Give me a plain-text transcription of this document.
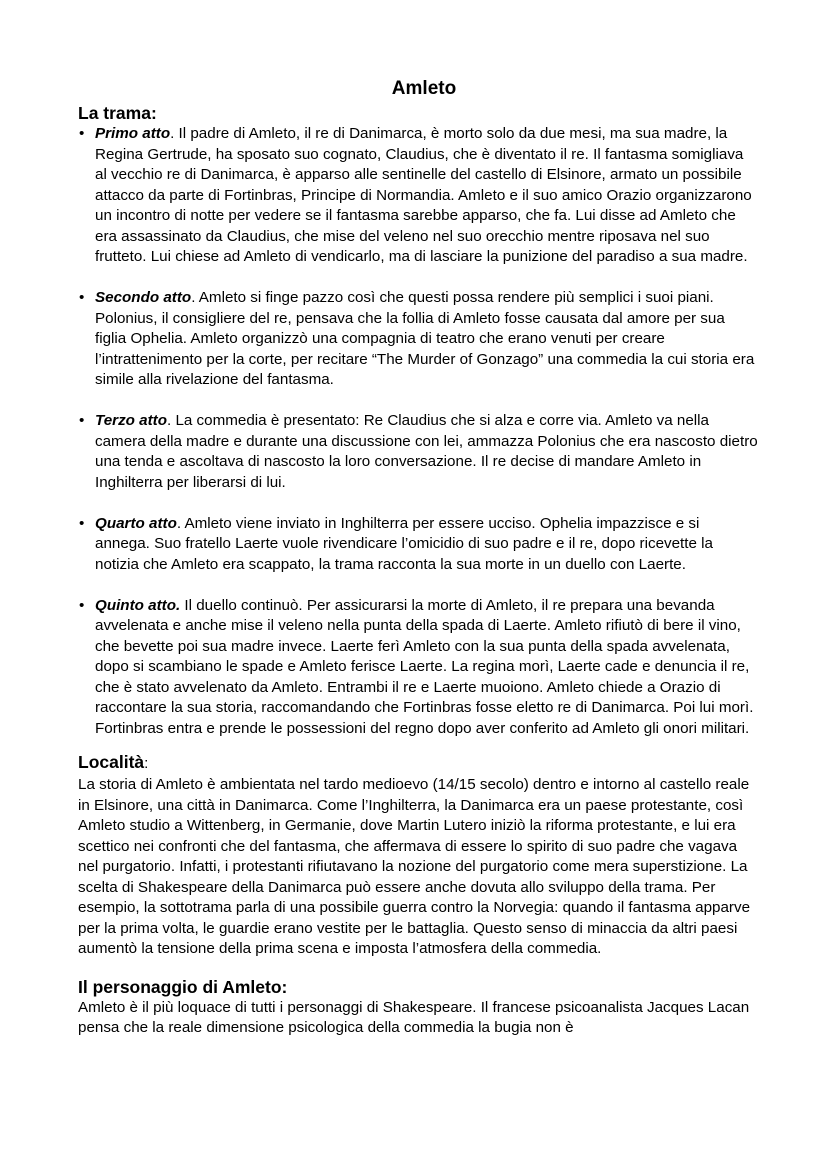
Amleto
La trama:
• Primo atto. Il padre di Amleto, il re di Danimarca, è morto solo da due mesi, ma sua madre, la Regina Gertrude, ha sposato suo cognato, Claudius, che è diventato il re. Il fantasma somigliava al vecchio re di Danimarca, è apparso alle sentinelle del castello di Elsinore, armato un possibile attacco da parte di Fortinbras, Principe di Normandia. Amleto e il suo amico Orazio organizzarono un incontro di notte per vedere se il fantasma sarebbe apparso, che fa. Lui disse ad Amleto che era assassinato da Claudius, che mise del veleno nel suo orecchio mentre riposava nel suo frutteto. Lui chiese ad Amleto di vendicarlo, ma di lasciare la punizione del paradiso a sua madre.
• Secondo atto. Amleto si finge pazzo così che questi possa rendere più semplici i suoi piani. Polonius, il consigliere del re, pensava che la follia di Amleto fosse causata dal amore per sua figlia Ophelia. Amleto organizzò una compagnia di teatro che erano venuti per creare l’intrattenimento per la corte, per recitare “The Murder of Gonzago” una commedia la cui storia era simile alla rivelazione del fantasma.
• Terzo atto. La commedia è presentato: Re Claudius che si alza e corre via. Amleto va nella camera della madre e durante una discussione con lei, ammazza Polonius che era nascosto dietro una tenda e ascoltava di nascosto la loro conversazione. Il re decise di mandare Amleto in Inghilterra per liberarsi di lui.
• Quarto atto. Amleto viene inviato in Inghilterra per essere ucciso. Ophelia impazzisce e si annega. Suo fratello Laerte vuole rivendicare l’omicidio di suo padre e il re, dopo ricevette la notizia che Amleto era scappato, la trama racconta la sua morte in un duello con Laerte.
• Quinto atto. Il duello continuò. Per assicurarsi la morte di Amleto, il re prepara una bevanda avvelenata e anche mise il veleno nella punta della spada di Laerte. Amleto rifiutò di bere il vino, che bevette poi sua madre invece. Laerte ferì Amleto con la sua punta della spada avvelenata, dopo si scambiano le spade e Amleto ferisce Laerte. La regina morì, Laerte cade e denuncia il re, che è stato avvelenato da Amleto. Entrambi il re e Laerte muoiono. Amleto chiede a Orazio di raccontare la sua storia, raccomandando che Fortinbras fosse eletto re di Danimarca. Poi lui morì. Fortinbras entra e prende le possessioni del regno dopo aver conferito ad Amleto gli onori militari.
Località:

La storia di Amleto è ambientata nel tardo medioevo (14/15 secolo) dentro e intorno al castello reale in Elsinore, una città in Danimarca. Come l’Inghilterra, la Danimarca era un paese protestante, così Amleto studio a Wittenberg, in Germanie, dove Martin Lutero iniziò la riforma protestante, e lui era scettico nei confronti che del fantasma, che affermava di essere lo spirito di suo padre che vagava nel purgatorio. Infatti, i protestanti rifiutavano la nozione del purgatorio come mera superstizione. La scelta di Shakespeare della Danimarca può essere anche dovuta allo sviluppo della trama. Per esempio, la sottotrama parla di una possibile guerra contro la Norvegia: quando il fantasma apparve per la prima volta, le guardie erano vestite per le battaglia. Questo senso di minaccia da altri paesi aumentò la tensione della prima scena e imposta l’atmosfera della commedia.

Il personaggio di Amleto:

Amleto è il più loquace di tutti i personaggi di Shakespeare. Il francese psicoanalista Jacques Lacan pensa che la reale dimensione psicologica della commedia la bugia non è
